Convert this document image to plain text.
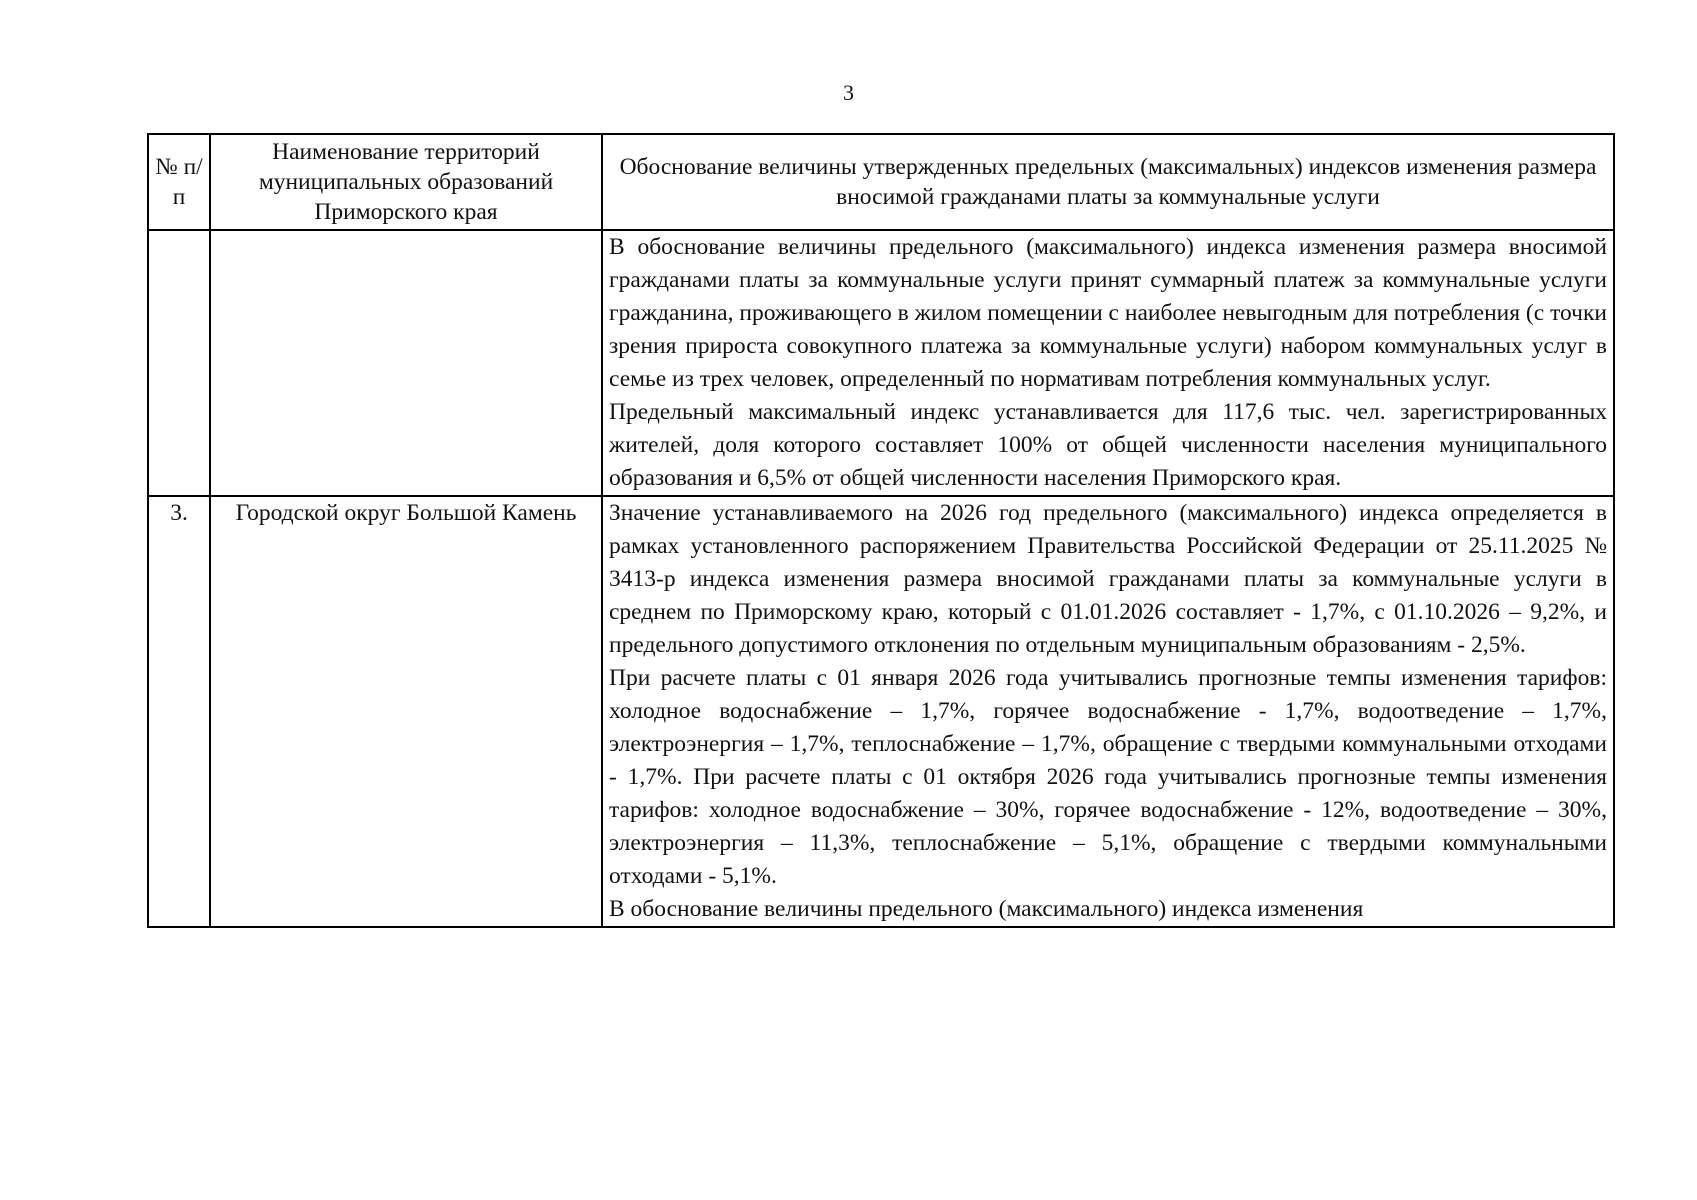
3
№ п/п	Наименование территорий муниципальных образований Приморского края	Обоснование величины утвержденных предельных (максимальных) индексов изменения размера вносимой гражданами платы за коммунальные услуги

		В обоснование величины предельного (максимального) индекса изменения размера вносимой гражданами платы за коммунальные услуги принят суммарный платеж за коммунальные услуги гражданина, проживающего в жилом помещении с наиболее невыгодным для потребления (с точки зрения прироста совокупного платежа за коммунальные услуги) набором коммунальных услуг в семье из трех человек, определенный по нормативам потребления коммунальных услуг.

Предельный максимальный индекс устанавливается для 117,6 тыс. чел. зарегистрированных жителей, доля которого составляет 100% от общей численности населения муниципального образования и 6,5% от общей численности населения Приморского края.

3.	Городской округ Большой Камень	Значение устанавливаемого на 2026 год предельного (максимального) индекса определяется в рамках установленного распоряжением Правительства Российской Федерации от 25.11.2025 № 3413-р индекса изменения размера вносимой гражданами платы за коммунальные услуги в среднем по Приморскому краю, который с 01.01.2026 составляет - 1,7%, с 01.10.2026 – 9,2%, и предельного допустимого отклонения по отдельным муниципальным образованиям - 2,5%.

При расчете платы с 01 января 2026 года учитывались прогнозные темпы изменения тарифов: холодное водоснабжение – 1,7%, горячее водоснабжение - 1,7%, водоотведение – 1,7%, электроэнергия – 1,7%, теплоснабжение – 1,7%, обращение с твердыми коммунальными отходами - 1,7%. При расчете платы с 01 октября 2026 года учитывались прогнозные темпы изменения тарифов: холодное водоснабжение – 30%, горячее водоснабжение - 12%, водоотведение – 30%, электроэнергия – 11,3%, теплоснабжение – 5,1%, обращение с твердыми коммунальными отходами - 5,1%.

В обоснование величины предельного (максимального) индекса изменения
